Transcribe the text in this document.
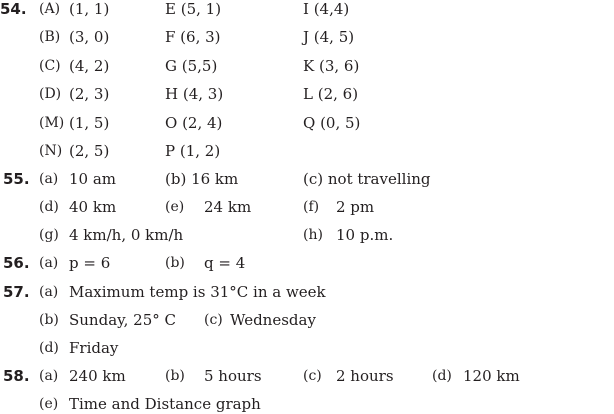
54. (A) (1, 1)	E (5, 1)	I (4,4)
(B) (3, 0)	F (6, 3)	J (4, 5)
(C) (4, 2)	G (5,5)	K (3, 6)
(D) (2, 3)	H (4, 3)	L (2, 6)
(M) (1, 5)	O (2, 4)	Q (0, 5)
(N) (2, 5)	P (1, 2)
55. (a) 10 am	(b) 16 km	(c) not travelling
(d) 40 km	(e) 24 km	(f) 2 pm
(g) 4 km/h, 0 km/h	(h) 10 p.m.
56. (a) p = 6	(b) q = 4
57. (a) Maximum temp is 31°C in a week
(b) Sunday, 25° C (c) Wednesday
(d) Friday
58. (a) 240 km	(b) 5 hours	(c) 2 hours	(d) 120 km
(e) Time and Distance graph
